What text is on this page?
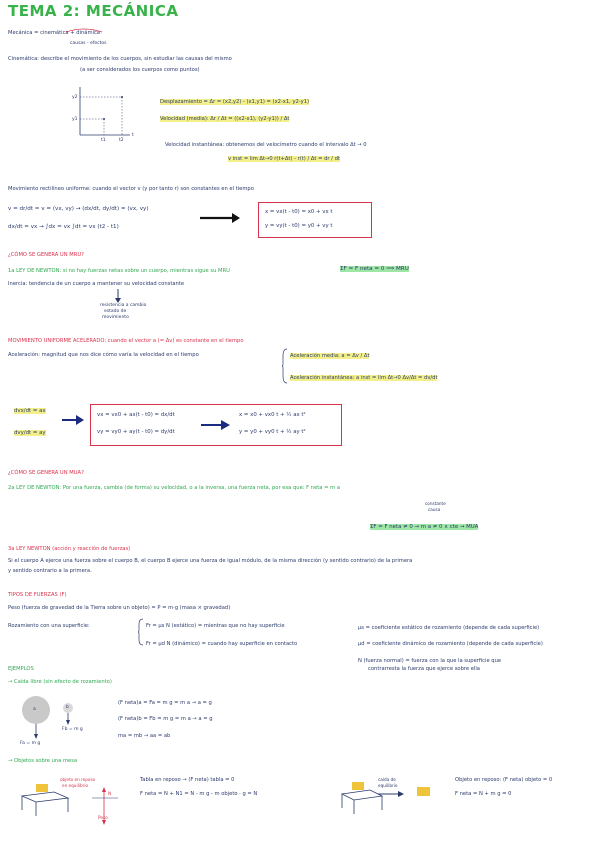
TEMA 2: MECÁNICA
Mecánica = cinemática + dinámica
causas - efectos
Cinemática: describe el movimiento de los cuerpos, sin estudiar las causas del mismo
(a ser considerados los cuerpos como puntos)
t1	t2
y2
y1
t
Desplazamiento = Δr = (x2,y2) - (x1,y1) = (x2-x1, y2-y1)
Velocidad (media): Δr / Δt = ((x2-x1), (y2-y1)) / Δt
Velocidad instantánea: obtenemos del velocímetro cuando el intervalo Δt → 0
v inst = lim Δt→0 r(t+Δt) - r(t) / Δt = dr / dt
Movimiento rectilíneo uniforme: cuando el vector v (y por tanto r) son constantes en el tiempo
v = dr/dt = v = (vx, vy) → (dx/dt, dy/dt) = (vx, vy)
dx/dt = vx → ∫dx = vx ∫dt = vx (t2 - t1)
x = vx(t - t0) = x0 + vx t
y = vy(t - t0) = y0 + vy t
¿CÓMO SE GENERA UN MRU?
1a LEY DE NEWTON: si no hay fuerzas netas sobre un cuerpo, mientras sigue su MRU	ΣF = F neta = 0 ⟹ MRU
Inercia: tendencia de un cuerpo a mantener su velocidad constante
resistencia a cambio
estado de
movimiento
MOVIMIENTO UNIFORME ACELERADO: cuando el vector a (= Δv) es constante en el tiempo
Aceleración: magnitud que nos dice cómo varía la velocidad en el tiempo	Aceleración media: a = Δv / Δt
Aceleración instantánea: a inst = lim Δt→0 Δv/Δt = dv/dt
dvx/dt = ax
dvy/dt = ay
vx = vx0 + ax(t - t0) = dx/dt
vy = vy0 + ay(t - t0) = dy/dt
x = x0 + vx0 t + ½ ax t²
y = y0 + vy0 t + ½ ay t²
¿CÓMO SE GENERA UN MUA?
2a LEY DE NEWTON: Por una fuerza, cambia (de forma) su velocidad, o a la inversa, una fuerza neta, por esa que: F neta = m a
constante
causa
ΣF = F neta ≠ 0 → m a ≠ 0 ∧ cte → MUA
3a LEY NEWTON (acción y reacción de fuerzas)
Si el cuerpo A ejerce una fuerza sobre el cuerpo B, el cuerpo B ejerce una fuerza de igual módulo, de la misma dirección (y sentido contrario) de la primera
y sentido contrario a la primera.
TIPOS DE FUERZAS (F)
Peso (fuerza de gravedad de la Tierra sobre un objeto) = P = m·g (masa × gravedad)
Rozamiento con una superficie:	Fr = μs N (estático) = mientras que no hay superficie
Fr = μd N (dinámico) = cuando hay superficie en contacto
μs = coeficiente estático de rozamiento (depende de cada superficie)
μd = coeficiente dinámico de rozamiento (depende de cada superficie)
N (fuerza normal) = fuerza con la que la superficie que
contrarresta la fuerza que ejerce sobre ella
EJEMPLOS
→ Caída libre (sin efecto de rozamiento)
a	b
Fa = m g
Fb = m g
(F neta)a = Fa = m g = m a → a = g
(F neta)b = Fb = m g = m a → a = g
ma = mb → aa = ab
→ Objetos sobre una mesa
objeto en reposo
en equilibrio
N
Peso
Tabla en reposo → (F neta) tabla = 0
F neta = N + N1 = N - m g - m objeto · g = N
caída de
equilibrio
Objeto en reposo: (F neta) objeto = 0
F neta = N + m g = 0
